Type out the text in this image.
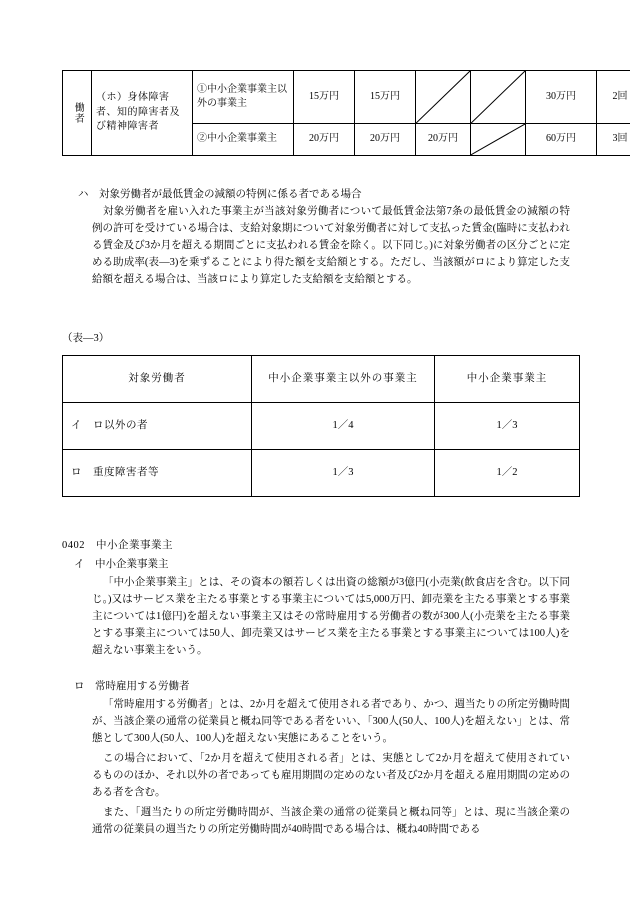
働者	（ホ）身体障害者、知的障害者及び精神障害者	①中小企業事業主以外の事業主	15万円	15万円			30万円	2回
		②中小企業事業主	20万円	20万円	20万円		60万円	3回
ハ　対象労働者が最低賃金の減額の特例に係る者である場合
対象労働者を雇い入れた事業主が当該対象労働者について最低賃金法第7条の最低賃金の減額の特例の許可を受けている場合は、支給対象期について対象労働者に対して支払った賃金(臨時に支払われる賃金及び3か月を超える期間ごとに支払われる賃金を除く。以下同じ。)に対象労働者の区分ごとに定める助成率(表―3)を乗ずることにより得た額を支給額とする。ただし、当該額がロにより算定した支給額を超える場合は、当該ロにより算定した支給額を支給額とする。
（表―3）
対象労働者	中小企業事業主以外の事業主	中小企業事業主
イ ロ以外の者	1／4	1／3
ロ 重度障害者等	1／3	1／2
0402　中小企業事業主
イ　中小企業事業主
「中小企業事業主」とは、その資本の額若しくは出資の総額が3億円(小売業(飲食店を含む。以下同じ。)又はサービス業を主たる事業とする事業主については5,000万円、卸売業を主たる事業とする事業主については1億円)を超えない事業主又はその常時雇用する労働者の数が300人(小売業を主たる事業とする事業主については50人、卸売業又はサービス業を主たる事業とする事業主については100人)を超えない事業主をいう。
ロ　常時雇用する労働者
「常時雇用する労働者」とは、2か月を超えて使用される者であり、かつ、週当たりの所定労働時間が、当該企業の通常の従業員と概ね同等である者をいい、「300人(50人、100人)を超えない」とは、常態として300人(50人、100人)を超えない実態にあることをいう。
この場合において、「2か月を超えて使用される者」とは、実態として2か月を超えて使用されているもののほか、それ以外の者であっても雇用期間の定めのない者及び2か月を超える雇用期間の定めのある者を含む。
また、「週当たりの所定労働時間が、当該企業の通常の従業員と概ね同等」とは、現に当該企業の通常の従業員の週当たりの所定労働時間が40時間である場合は、概ね40時間である
